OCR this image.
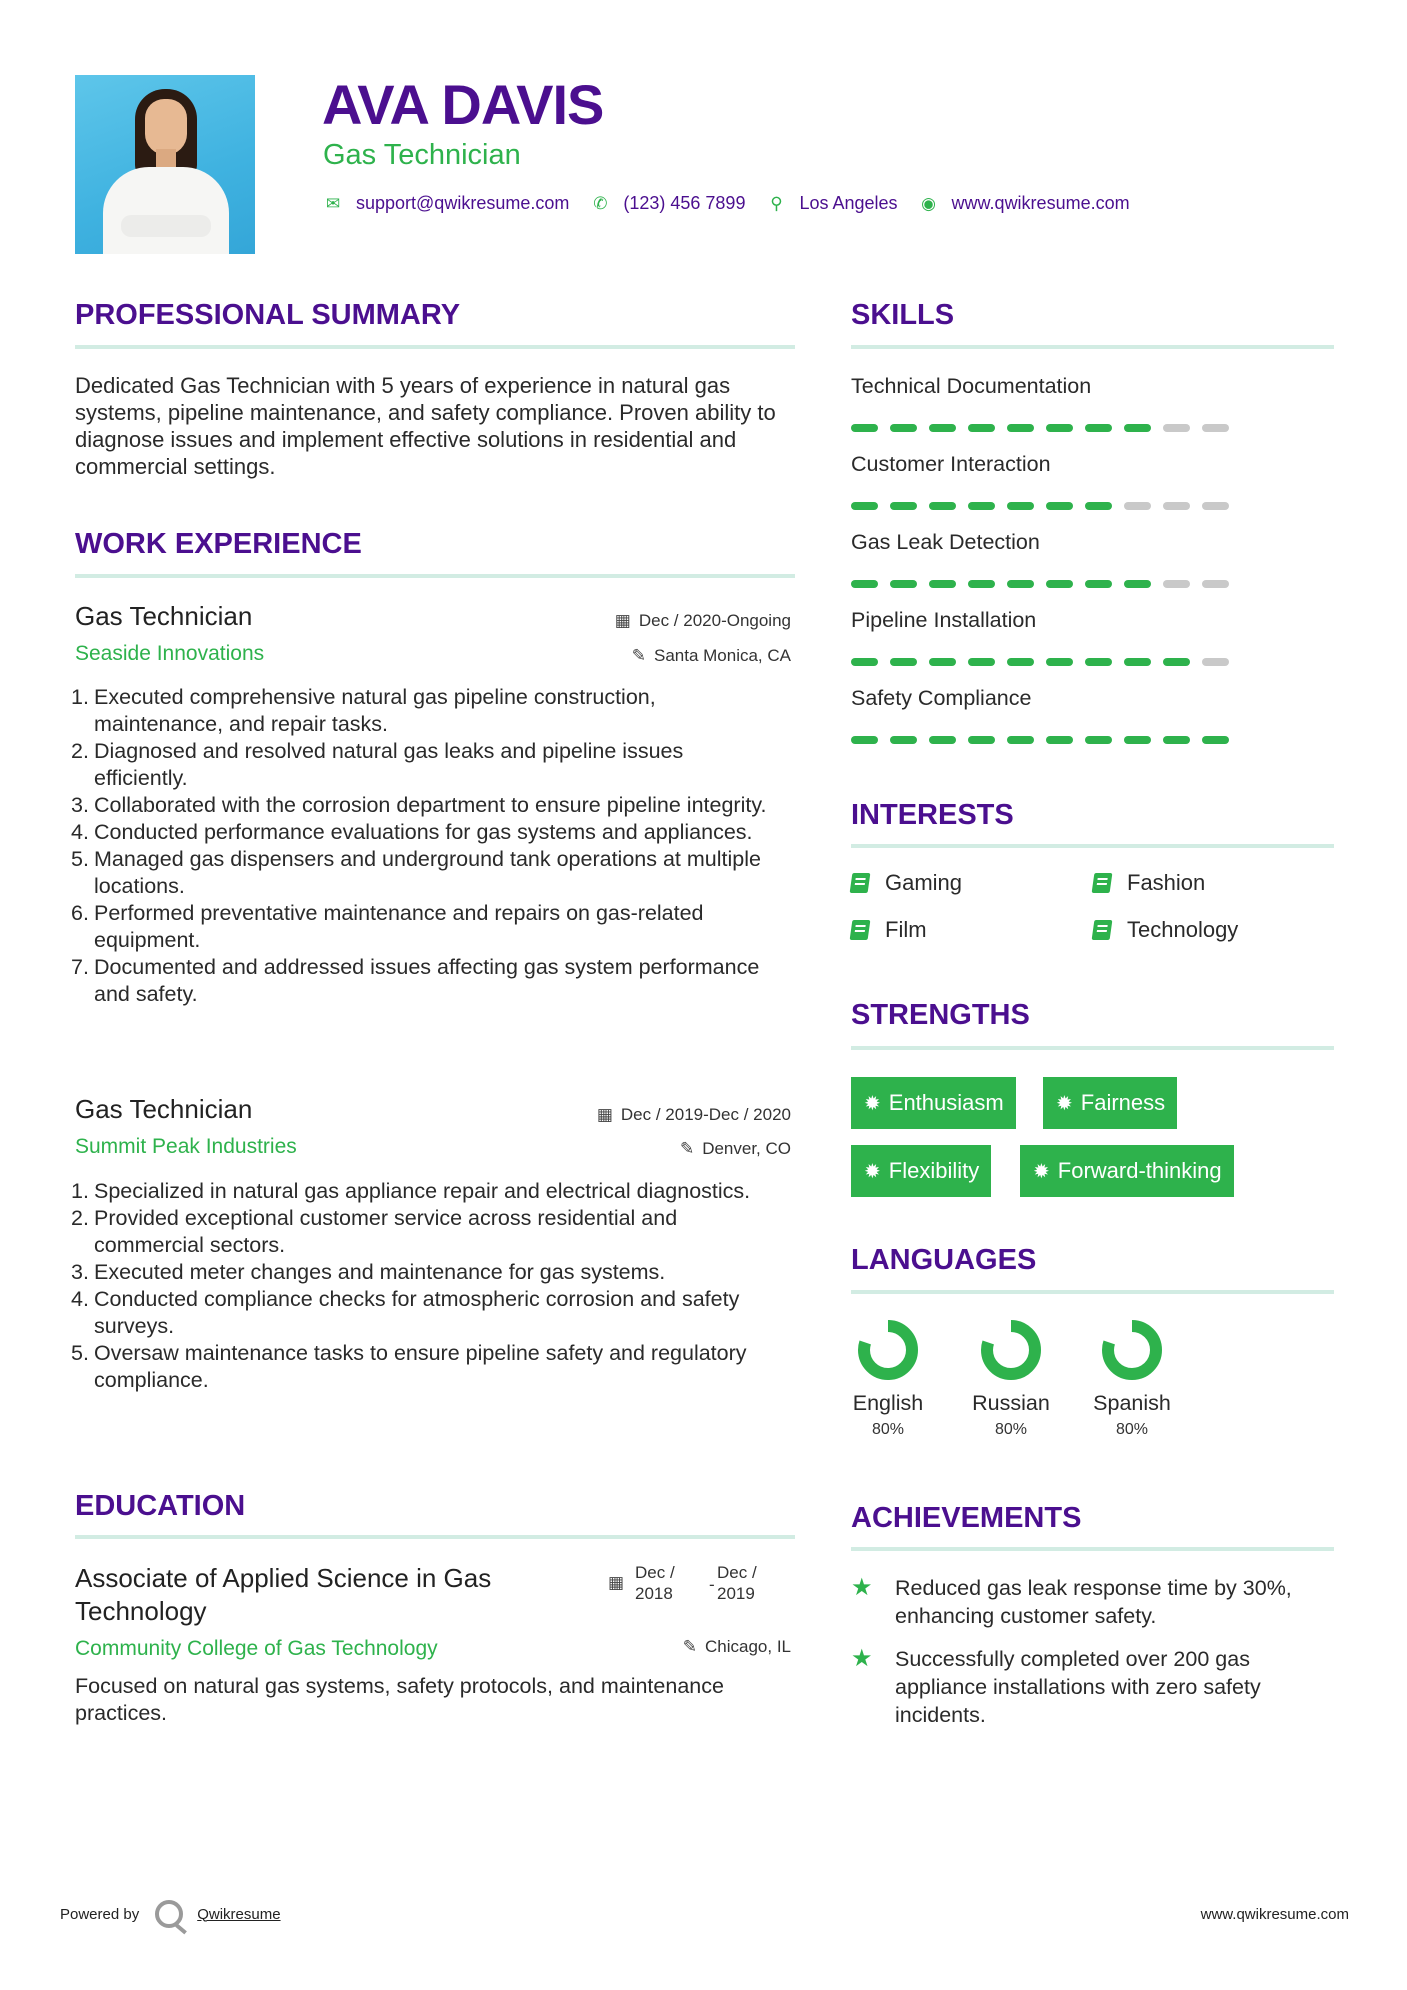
AVA DAVIS
Gas Technician
✉ support@qwikresume.com ✆ (123) 456 7899 ⚲ Los Angeles ◉ www.qwikresume.com
PROFESSIONAL SUMMARY
Dedicated Gas Technician with 5 years of experience in natural gas systems, pipeline maintenance, and safety compliance. Proven ability to diagnose issues and implement effective solutions in residential and commercial settings.
WORK EXPERIENCE
Gas Technician	▦ Dec / 2020-Ongoing
Seaside Innovations	✎ Santa Monica, CA
1. Executed comprehensive natural gas pipeline construction, maintenance, and repair tasks.
2. Diagnosed and resolved natural gas leaks and pipeline issues efficiently.
3. Collaborated with the corrosion department to ensure pipeline integrity.
4. Conducted performance evaluations for gas systems and appliances.
5. Managed gas dispensers and underground tank operations at multiple locations.
6. Performed preventative maintenance and repairs on gas-related equipment.
7. Documented and addressed issues affecting gas system performance and safety.
Gas Technician	▦ Dec / 2019-Dec / 2020
Summit Peak Industries	✎ Denver, CO
1. Specialized in natural gas appliance repair and electrical diagnostics.
2. Provided exceptional customer service across residential and commercial sectors.
3. Executed meter changes and maintenance for gas systems.
4. Conducted compliance checks for atmospheric corrosion and safety surveys.
5. Oversaw maintenance tasks to ensure pipeline safety and regulatory compliance.
EDUCATION
Associate of Applied Science in Gas Technology
▦
Dec /
2018 -
Dec /
2019
Community College of Gas Technology	✎ Chicago, IL
Focused on natural gas systems, safety protocols, and maintenance practices.
SKILLS
Technical Documentation
Customer Interaction
Gas Leak Detection
Pipeline Installation
Safety Compliance
INTERESTS
Gaming	Fashion
Film	Technology
STRENGTHS
✹ Enthusiasm	✹ Fairness
✹ Flexibility	✹ Forward-thinking
LANGUAGES
English
80%
Russian
80%
Spanish
80%
ACHIEVEMENTS
★	Reduced gas leak response time by 30%, enhancing customer safety.
★	Successfully completed over 200 gas appliance installations with zero safety incidents.
Powered by	Qwikresume	www.qwikresume.com
